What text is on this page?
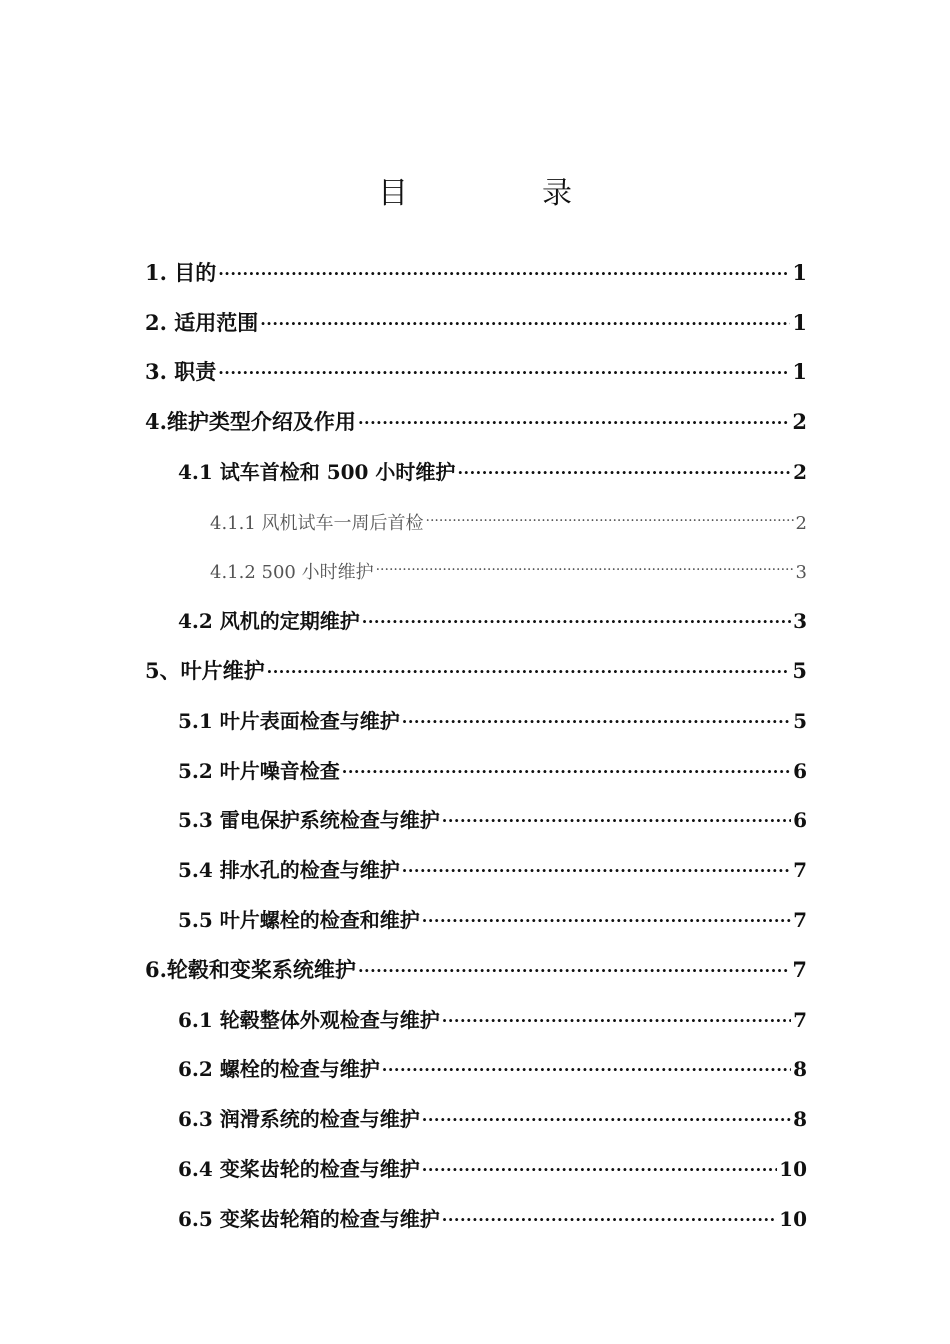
目　录
1. 目的 .....	1
2. 适用范围 .....	1
3. 职责 .....	1
4.维护类型介绍及作用 .....	2
4.1 试车首检和 500 小时维护 .....	2
4.1.1 风机试车一周后首检 .....	2
4.1.2 500 小时维护 .....	3
4.2 风机的定期维护 .....	3
5、叶片维护 .....	5
5.1 叶片表面检查与维护 .....	5
5.2 叶片噪音检查 .....	6
5.3 雷电保护系统检查与维护 .....	6
5.4 排水孔的检查与维护 .....	7
5.5 叶片螺栓的检查和维护 .....	7
6.轮毂和变桨系统维护 .....	7
6.1 轮毂整体外观检查与维护 .....	7
6.2 螺栓的检查与维护 .....	8
6.3 润滑系统的检查与维护 .....	8
6.4 变桨齿轮的检查与维护 .....	10
6.5 变桨齿轮箱的检查与维护 .....	10
